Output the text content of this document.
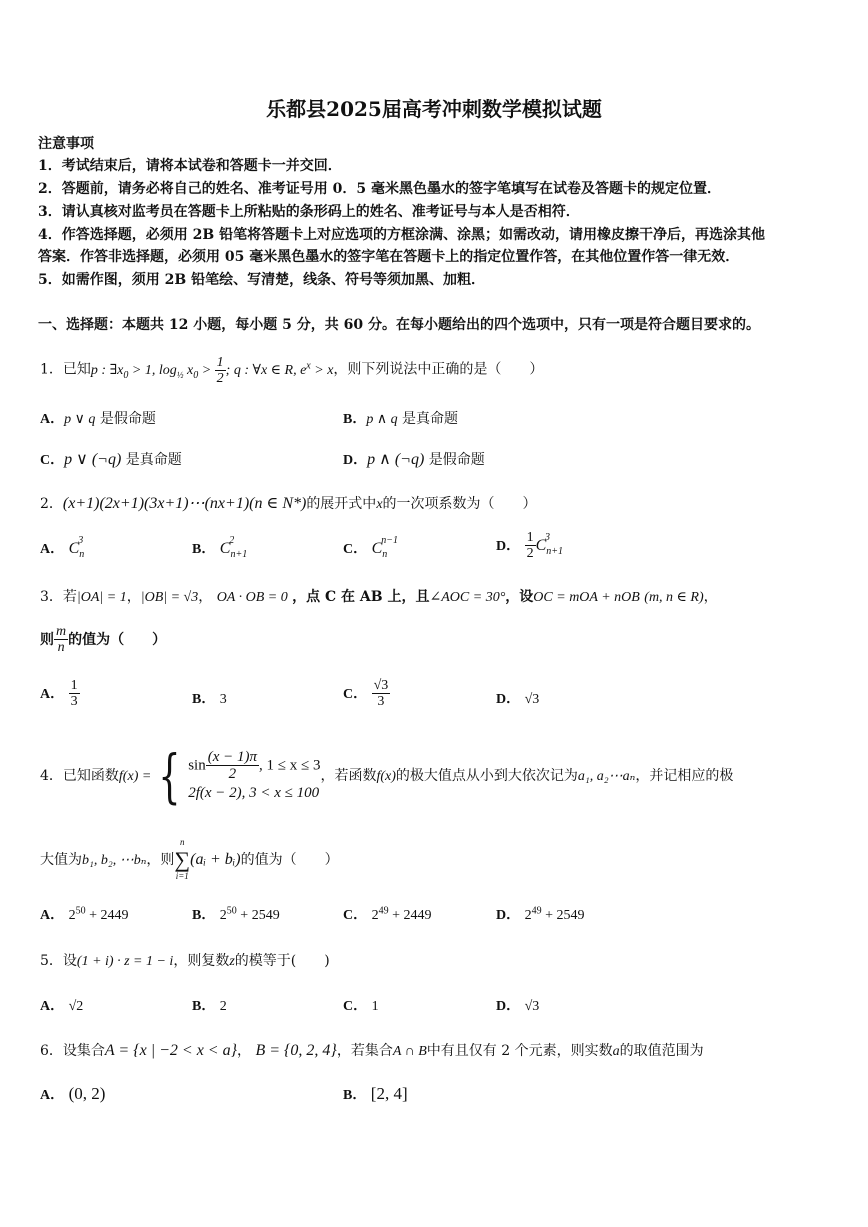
乐都县2025届高考冲刺数学模拟试题
注意事项
1．考试结束后，请将本试卷和答题卡一并交回．
2．答题前，请务必将自己的姓名、准考证号用 0．5 毫米黑色墨水的签字笔填写在试卷及答题卡的规定位置．
3．请认真核对监考员在答题卡上所粘贴的条形码上的姓名、准考证号与本人是否相符．
4．作答选择题，必须用 2B 铅笔将答题卡上对应选项的方框涂满、涂黑；如需改动，请用橡皮擦干净后，再选涂其他
答案．作答非选择题，必须用 05 毫米黑色墨水的签字笔在答题卡上的指定位置作答，在其他位置作答一律无效．
5．如需作图，须用 2B 铅笔绘、写清楚，线条、符号等须加黑、加粗．
一、选择题：本题共 12 小题，每小题 5 分，共 60 分。在每小题给出的四个选项中，只有一项是符合题目要求的。
1．已知p : $\exists x_0 > 1$, $\log_{\frac{1}{2}} x_0 > \frac{1}{2}$ ; q : ∀x ∈ R, $e^x > x$，则下列说法中正确的是（　　）
A．p ∨ q 是假命题	B．p ∧ q 是真命题
C．p ∨ (¬q) 是真命题	D．p ∧ (¬q) 是假命题
2．(x+1)(2x+1)(3x+1)⋯(nx+1)(n ∈ N*)的展开式中x的一次项系数为（　　）
A． $C_n^3$
B． $C_{n+1}^2$
C． $C_n^{n-1}$	D． $\frac{1}{2} C_{n+1}^3$
3．若|OA| = 1，|OB| = √3， OA · OB = 0 ，点 C 在 AB 上，且∠AOC = 30°，设OC = mOA + nOB (m, n ∈ R)，
则 $\frac{m}{n}$ 的值为（　　）
A． $\frac{1}{3}$	B． 3	C． $\frac{√3}{3}$	D． √3
4．已知函数f(x) = { $\sin \frac{(x - 1)\pi}{2}$ , 1 ≤ x ≤ 3
2f(x − 2), 3 < x ≤ 100
，若函数f(x)的极大值点从小到大依次记为a₁, a₂⋯aₙ，并记相应的极
大值为b₁, b₂, ⋯bₙ，则
n
∑
i=1
(aᵢ + bᵢ)的值为（　　）
A． $2^{50} + 2449$	B． $2^{50} + 2549$	C． $2^{49} + 2449$	D． $2^{49} + 2549$
5．设(1 + i) · z = 1 − i，则复数z的模等于(　　)
A． √2	B． 2	C． 1	D． √3
6．设集合A = {x | −2 < x < a}， B = {0, 2, 4}，若集合A ∩ B中有且仅有 2 个元素，则实数a的取值范围为
A． (0, 2)	B． [2, 4]
